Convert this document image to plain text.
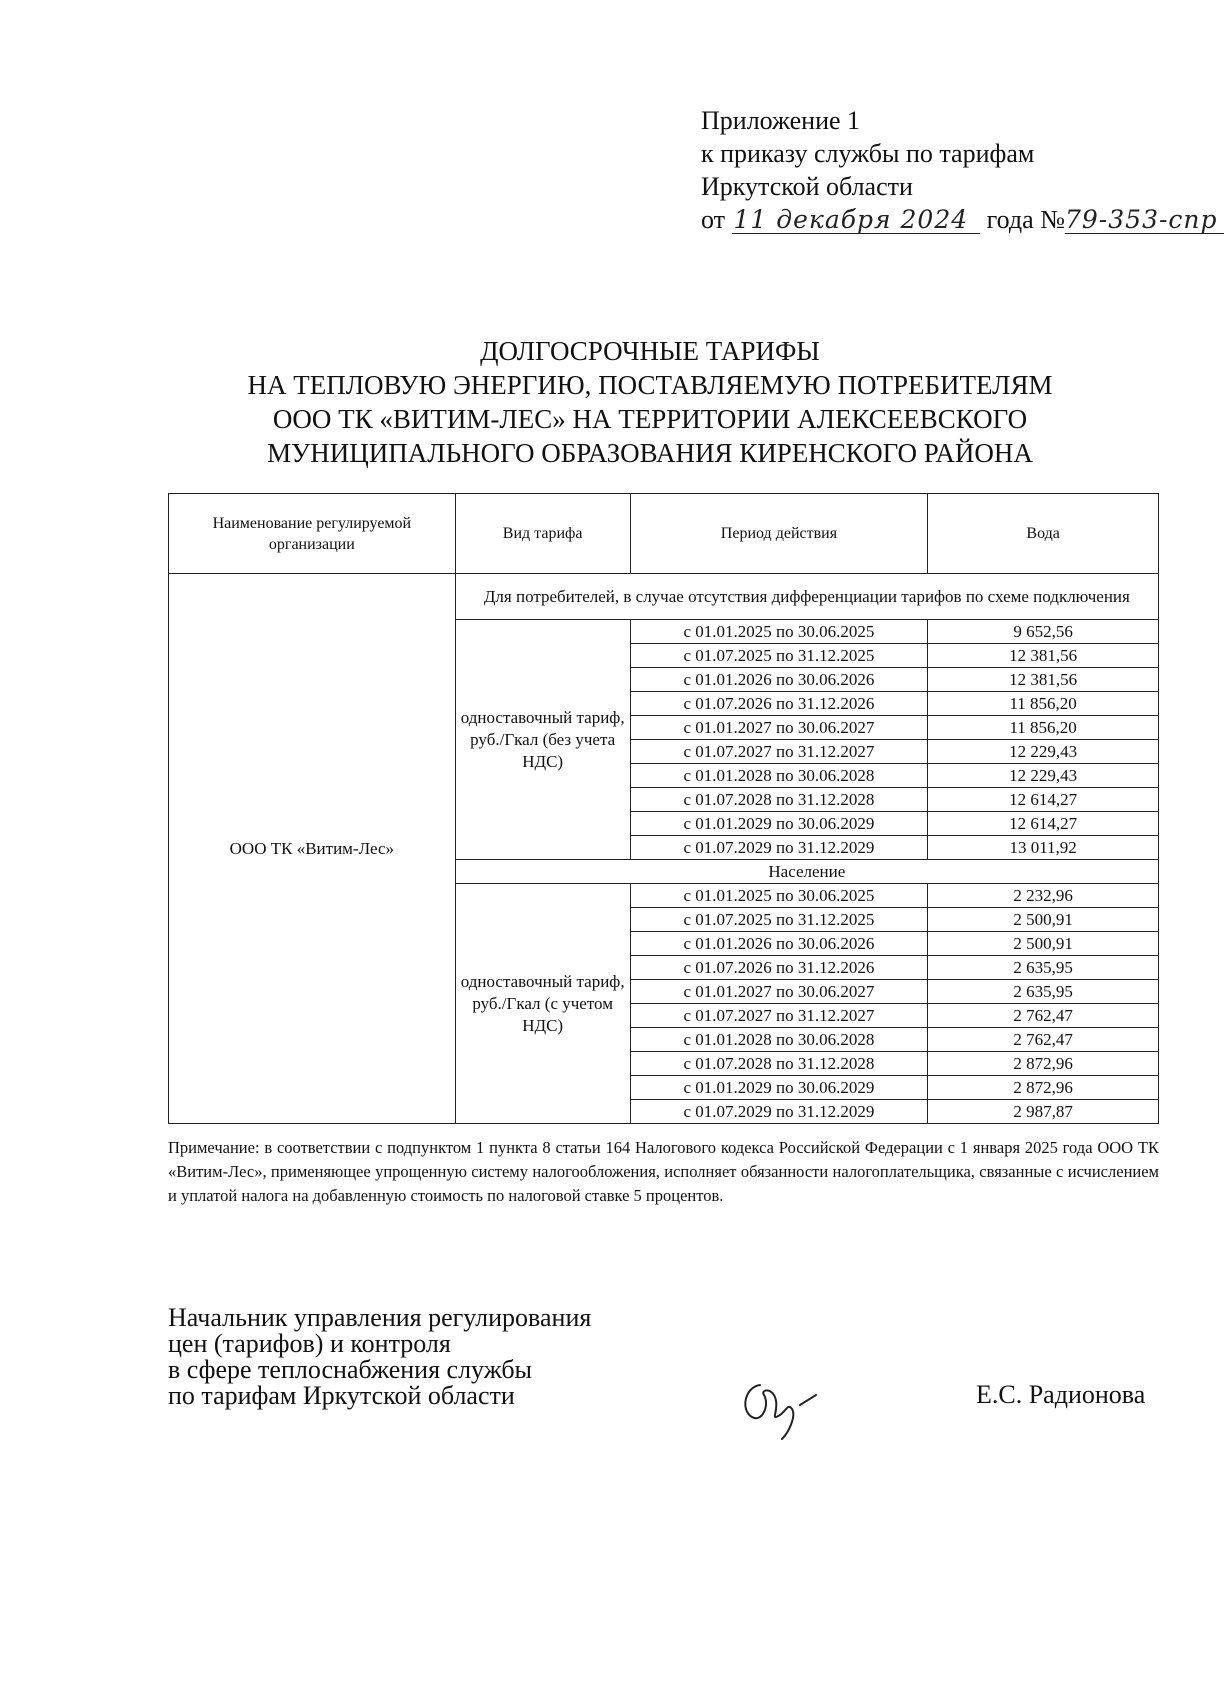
Приложение 1
к приказу службы по тарифам
Иркутской области
от 11 декабря 2024 года №79-353-спр
ДОЛГОСРОЧНЫЕ ТАРИФЫ
НА ТЕПЛОВУЮ ЭНЕРГИЮ, ПОСТАВЛЯЕМУЮ ПОТРЕБИТЕЛЯМ
ООО ТК «ВИТИМ-ЛЕС» НА ТЕРРИТОРИИ АЛЕКСЕЕВСКОГО
МУНИЦИПАЛЬНОГО ОБРАЗОВАНИЯ КИРЕНСКОГО РАЙОНА
Наименование регулируемой организации	Вид тарифа	Период действия	Вода
ООО ТК «Витим-Лес»	Для потребителей, в случае отсутствия дифференциации тарифов по схеме подключения		
	одноставочный тариф, руб./Гкал (без учета НДС)	с 01.01.2025 по 30.06.2025	9 652,56
		с 01.07.2025 по 31.12.2025	12 381,56
		с 01.01.2026 по 30.06.2026	12 381,56
		с 01.07.2026 по 31.12.2026	11 856,20
		с 01.01.2027 по 30.06.2027	11 856,20
		с 01.07.2027 по 31.12.2027	12 229,43
		с 01.01.2028 по 30.06.2028	12 229,43
		с 01.07.2028 по 31.12.2028	12 614,27
		с 01.01.2029 по 30.06.2029	12 614,27
		с 01.07.2029 по 31.12.2029	13 011,92
	Население		
	одноставочный тариф, руб./Гкал (с учетом НДС)	с 01.01.2025 по 30.06.2025	2 232,96
		с 01.07.2025 по 31.12.2025	2 500,91
		с 01.01.2026 по 30.06.2026	2 500,91
		с 01.07.2026 по 31.12.2026	2 635,95
		с 01.01.2027 по 30.06.2027	2 635,95
		с 01.07.2027 по 31.12.2027	2 762,47
		с 01.01.2028 по 30.06.2028	2 762,47
		с 01.07.2028 по 31.12.2028	2 872,96
		с 01.01.2029 по 30.06.2029	2 872,96
		с 01.07.2029 по 31.12.2029	2 987,87
Примечание: в соответствии с подпунктом 1 пункта 8 статьи 164 Налогового кодекса Российской Федерации с 1 января 2025 года ООО ТК «Витим-Лес», применяющее упрощенную систему налогообложения, исполняет обязанности налогоплательщика, связанные с исчислением и уплатой налога на добавленную стоимость по налоговой ставке 5 процентов.
Начальник управления регулирования
цен (тарифов) и контроля
в сфере теплоснабжения службы
по тарифам Иркутской области	Е.С. Радионова
